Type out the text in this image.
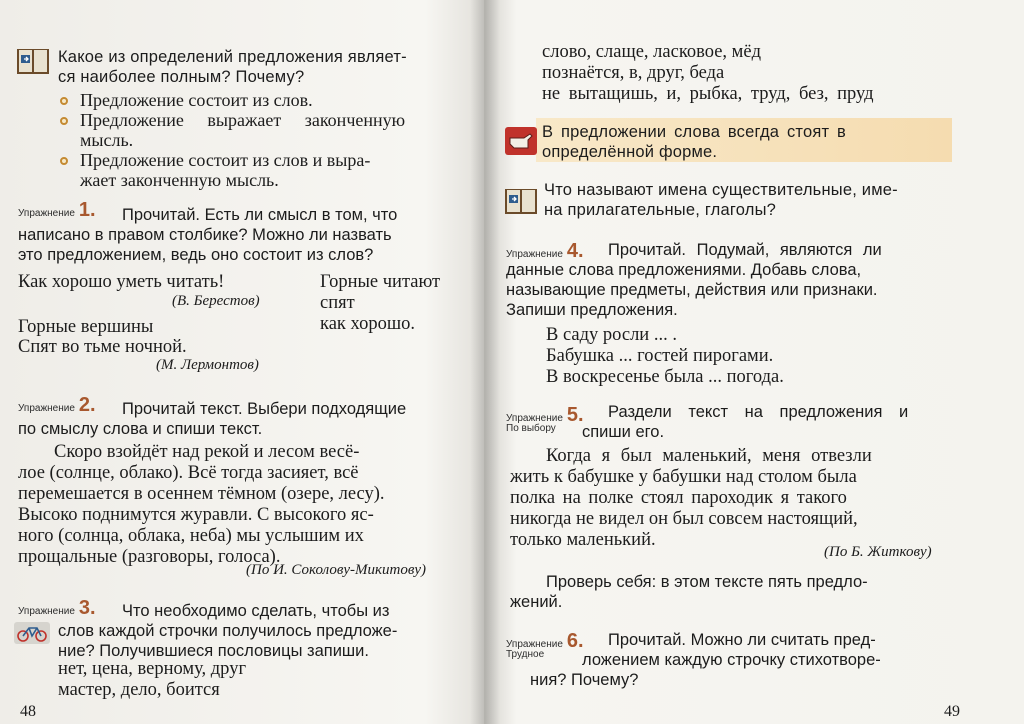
Какое из определений предложения являет-
ся наиболее полным? Почему?
Предложение состоит из слов.
Предложение выражает законченную
мысль.
Предложение состоит из слов и выра-
жает законченную мысль.
Упражнение 1.	Прочитай. Есть ли смысл в том, что
написано в правом столбике? Можно ли назвать
это предложением, ведь оно состоит из слов?
Как хорошо уметь читать!
(В. Берестов)
Горные вершины
Спят во тьме ночной.
(М. Лермонтов)
Горные читают
спят
как хорошо.
Упражнение 2.	Прочитай текст. Выбери подходящие
по смыслу слова и спиши текст.
Скоро взойдёт над рекой и лесом весё-
лое (солнце, облако). Всё тогда засияет, всё
перемешается в осеннем тёмном (озере, лесу).
Высоко поднимутся журавли. С высокого яс-
ного (солнца, облака, неба) мы услышим их
прощальные (разговоры, голоса).
(По И. Соколову-Микитову)
Упражнение 3.	Что необходимо сделать, чтобы из
слов каждой строчки получилось предложе-
ние? Получившиеся пословицы запиши.
нет, цена, верному, друг
мастер, дело, боится
48
слово, слаще, ласковое, мёд
познаётся, в, друг, беда
не вытащишь, и, рыбка, труд, без, пруд
В предложении слова всегда стоят в
определённой форме.
Что называют имена существительные, име-
на прилагательные, глаголы?
Упражнение 4.	Прочитай. Подумай, являются ли
данные слова предложениями. Добавь слова,
называющие предметы, действия или признаки.
Запиши предложения.
В саду росли ... .
Бабушка ... гостей пирогами.
В воскресенье была ... погода.
Упражнение 5.
По выбору
Раздели текст на предложения и
спиши его.
Когда я был маленький, меня отвезли
жить к бабушке у бабушки над столом была
полка на полке стоял пароходик я такого
никогда не видел он был совсем настоящий,
только маленький.
(По Б. Житкову)
Проверь себя: в этом тексте пять предло-
жений.
Упражнение 6.
Трудное
Прочитай. Можно ли считать пред-
ложением каждую строчку стихотворе-
ния? Почему?
49
